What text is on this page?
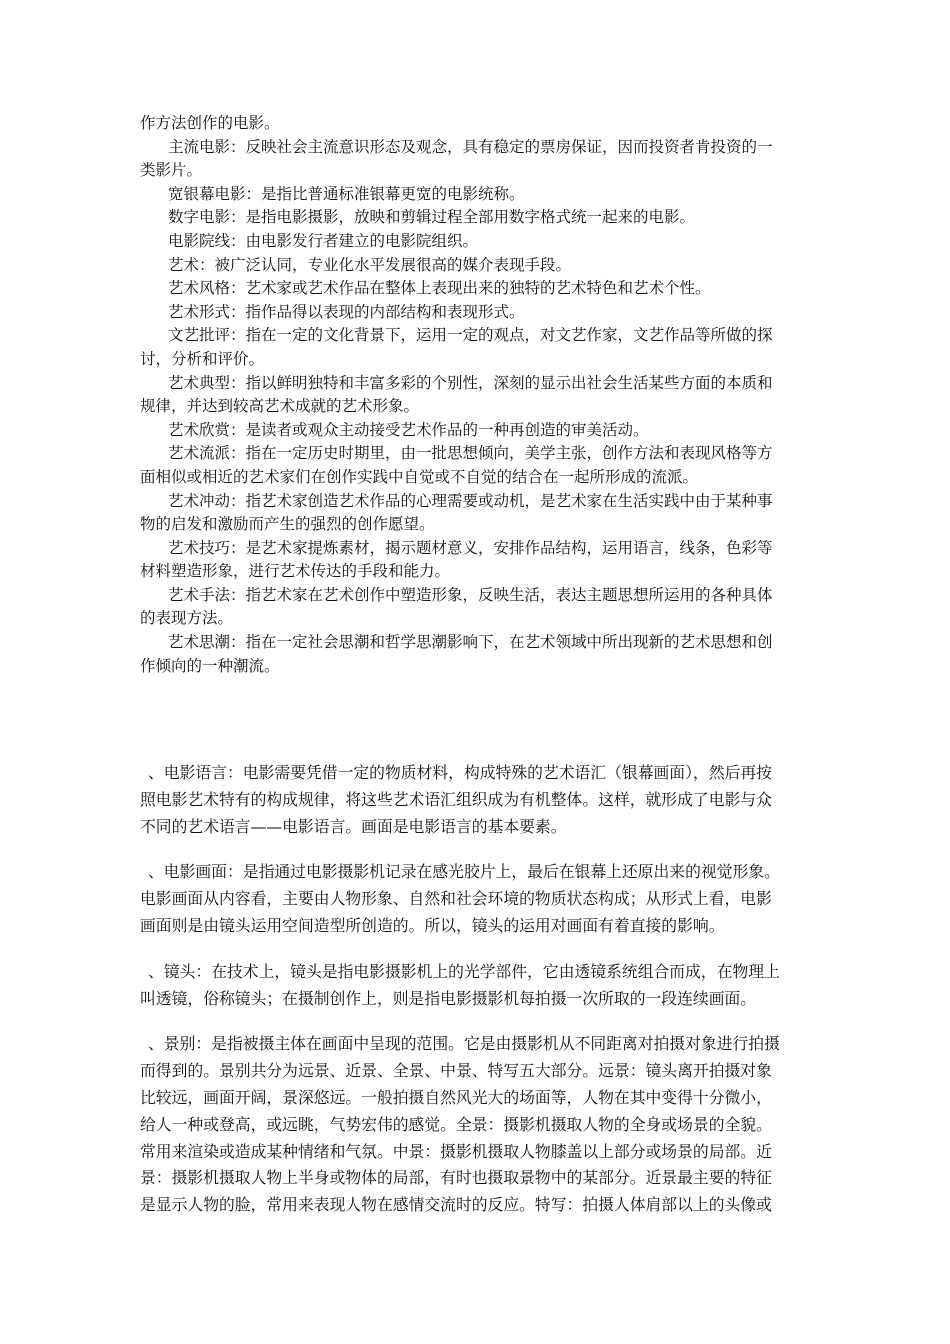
作方法创作的电影。
主流电影：反映社会主流意识形态及观念，具有稳定的票房保证，因而投资者肯投资的一
类影片。
宽银幕电影：是指比普通标准银幕更宽的电影统称。
数字电影：是指电影摄影，放映和剪辑过程全部用数字格式统一起来的电影。
电影院线：由电影发行者建立的电影院组织。
艺术：被广泛认同，专业化水平发展很高的媒介表现手段。
艺术风格：艺术家或艺术作品在整体上表现出来的独特的艺术特色和艺术个性。
艺术形式：指作品得以表现的内部结构和表现形式。
文艺批评：指在一定的文化背景下，运用一定的观点，对文艺作家，文艺作品等所做的探
讨，分析和评价。
艺术典型：指以鲜明独特和丰富多彩的个别性，深刻的显示出社会生活某些方面的本质和
规律，并达到较高艺术成就的艺术形象。
艺术欣赏：是读者或观众主动接受艺术作品的一种再创造的审美活动。
艺术流派：指在一定历史时期里，由一批思想倾向，美学主张，创作方法和表现风格等方
面相似或相近的艺术家们在创作实践中自觉或不自觉的结合在一起所形成的流派。
艺术冲动：指艺术家创造艺术作品的心理需要或动机，是艺术家在生活实践中由于某种事
物的启发和激励而产生的强烈的创作愿望。
艺术技巧：是艺术家提炼素材，揭示题材意义，安排作品结构，运用语言，线条，色彩等
材料塑造形象，进行艺术传达的手段和能力。
艺术手法：指艺术家在艺术创作中塑造形象，反映生活，表达主题思想所运用的各种具体
的表现方法。
艺术思潮：指在一定社会思潮和哲学思潮影响下，在艺术领域中所出现新的艺术思想和创
作倾向的一种潮流。
、电影语言：电影需要凭借一定的物质材料，构成特殊的艺术语汇（银幕画面），然后再按
照电影艺术特有的构成规律，将这些艺术语汇组织成为有机整体。这样，就形成了电影与众
不同的艺术语言——电影语言。画面是电影语言的基本要素。
、电影画面：是指通过电影摄影机记录在感光胶片上，最后在银幕上还原出来的视觉形象。
电影画面从内容看，主要由人物形象、自然和社会环境的物质状态构成；从形式上看，电影
画面则是由镜头运用空间造型所创造的。所以，镜头的运用对画面有着直接的影响。
、镜头：在技术上，镜头是指电影摄影机上的光学部件，它由透镜系统组合而成，在物理上
叫透镜，俗称镜头；在摄制创作上，则是指电影摄影机每拍摄一次所取的一段连续画面。
、景别：是指被摄主体在画面中呈现的范围。它是由摄影机从不同距离对拍摄对象进行拍摄
而得到的。景别共分为远景、近景、全景、中景、特写五大部分。远景：镜头离开拍摄对象
比较远，画面开阔，景深悠远。一般拍摄自然风光大的场面等，人物在其中变得十分微小，
给人一种或登高，或远眺，气势宏伟的感觉。全景：摄影机摄取人物的全身或场景的全貌。
常用来渲染或造成某种情绪和气氛。中景：摄影机摄取人物膝盖以上部分或场景的局部。近
景：摄影机摄取人物上半身或物体的局部，有时也摄取景物中的某部分。近景最主要的特征
是显示人物的脸，常用来表现人物在感情交流时的反应。特写：拍摄人体肩部以上的头像或
